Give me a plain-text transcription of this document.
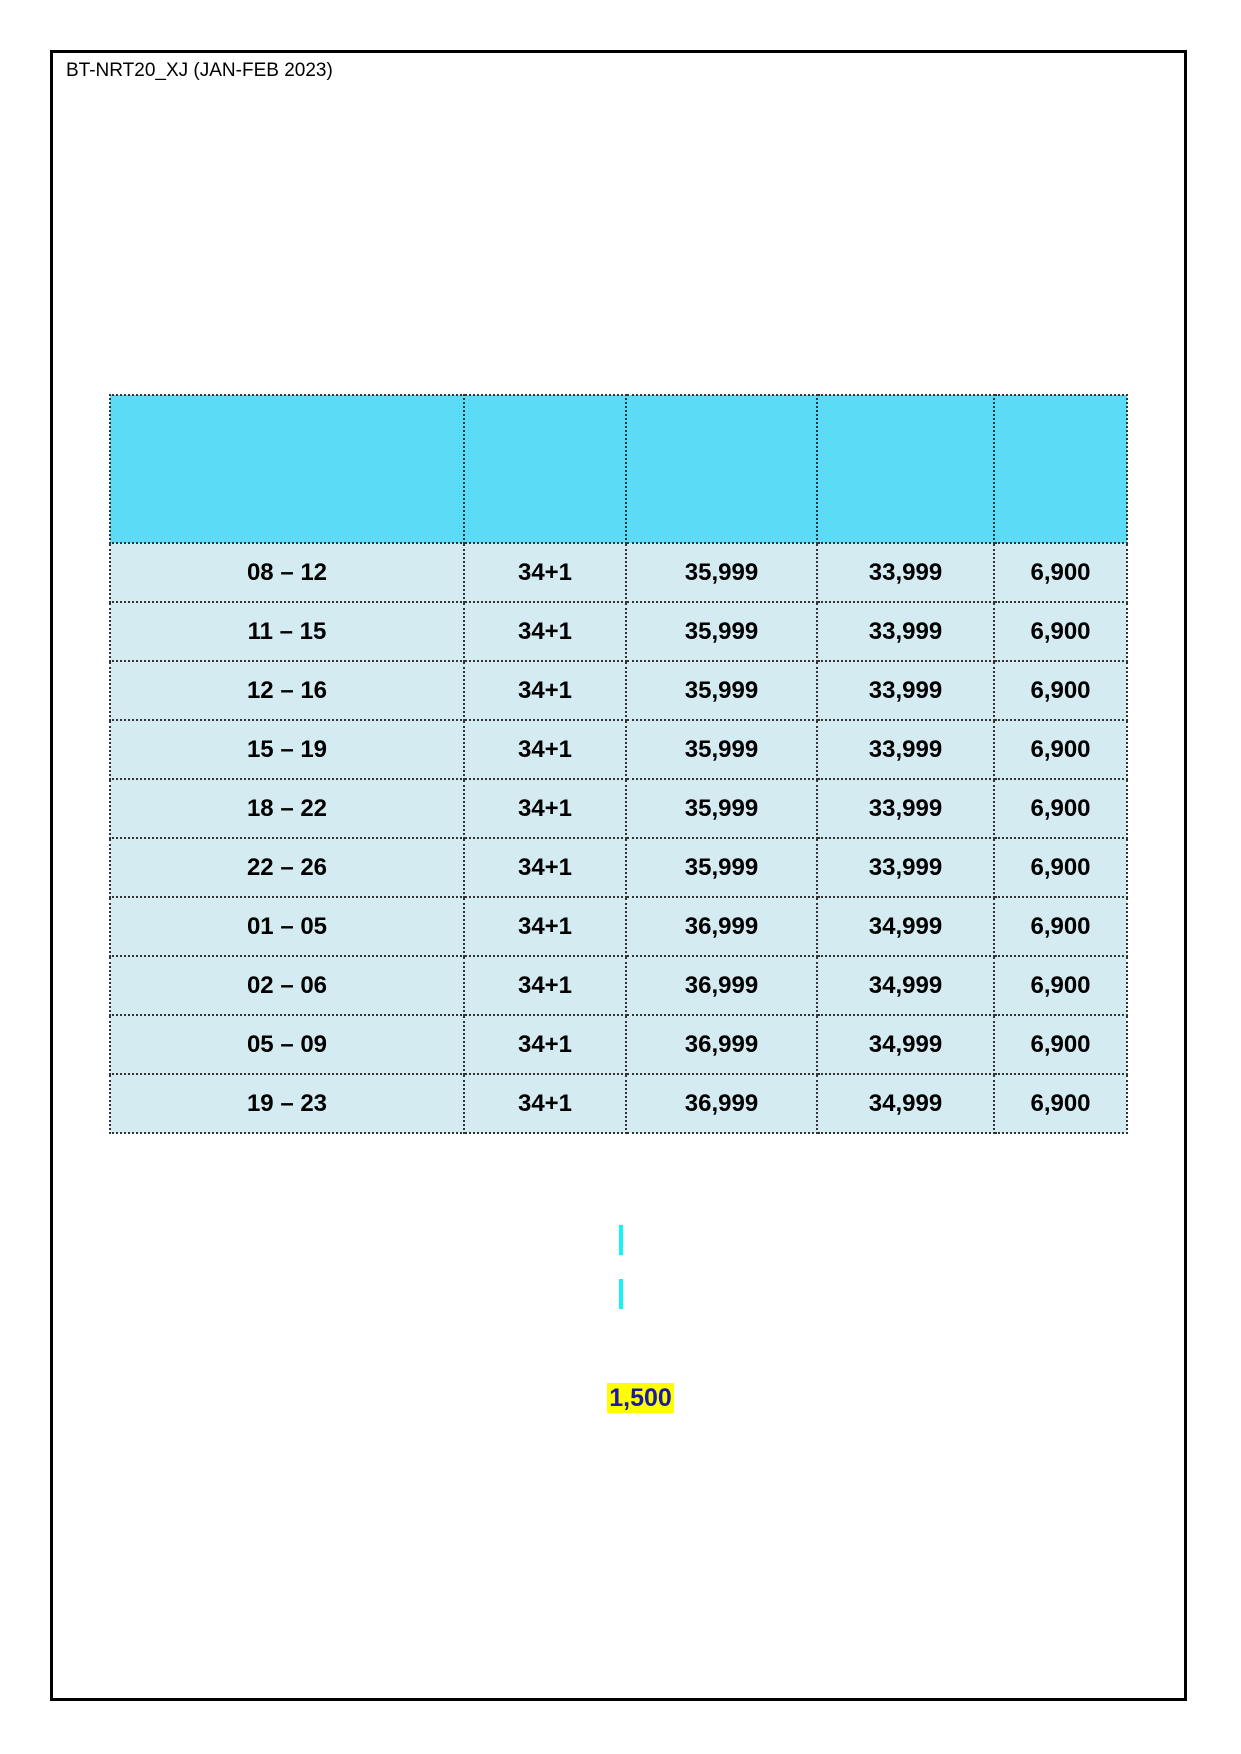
BT-NRT20_XJ (JAN-FEB 2023)

08 – 12	34+1	35,999	33,999	6,900
11 – 15	34+1	35,999	33,999	6,900
12 – 16	34+1	35,999	33,999	6,900
15 – 19	34+1	35,999	33,999	6,900
18 – 22	34+1	35,999	33,999	6,900
22 – 26	34+1	35,999	33,999	6,900
01 – 05	34+1	36,999	34,999	6,900
02 – 06	34+1	36,999	34,999	6,900
05 – 09	34+1	36,999	34,999	6,900
19 – 23	34+1	36,999	34,999	6,900
1,500
